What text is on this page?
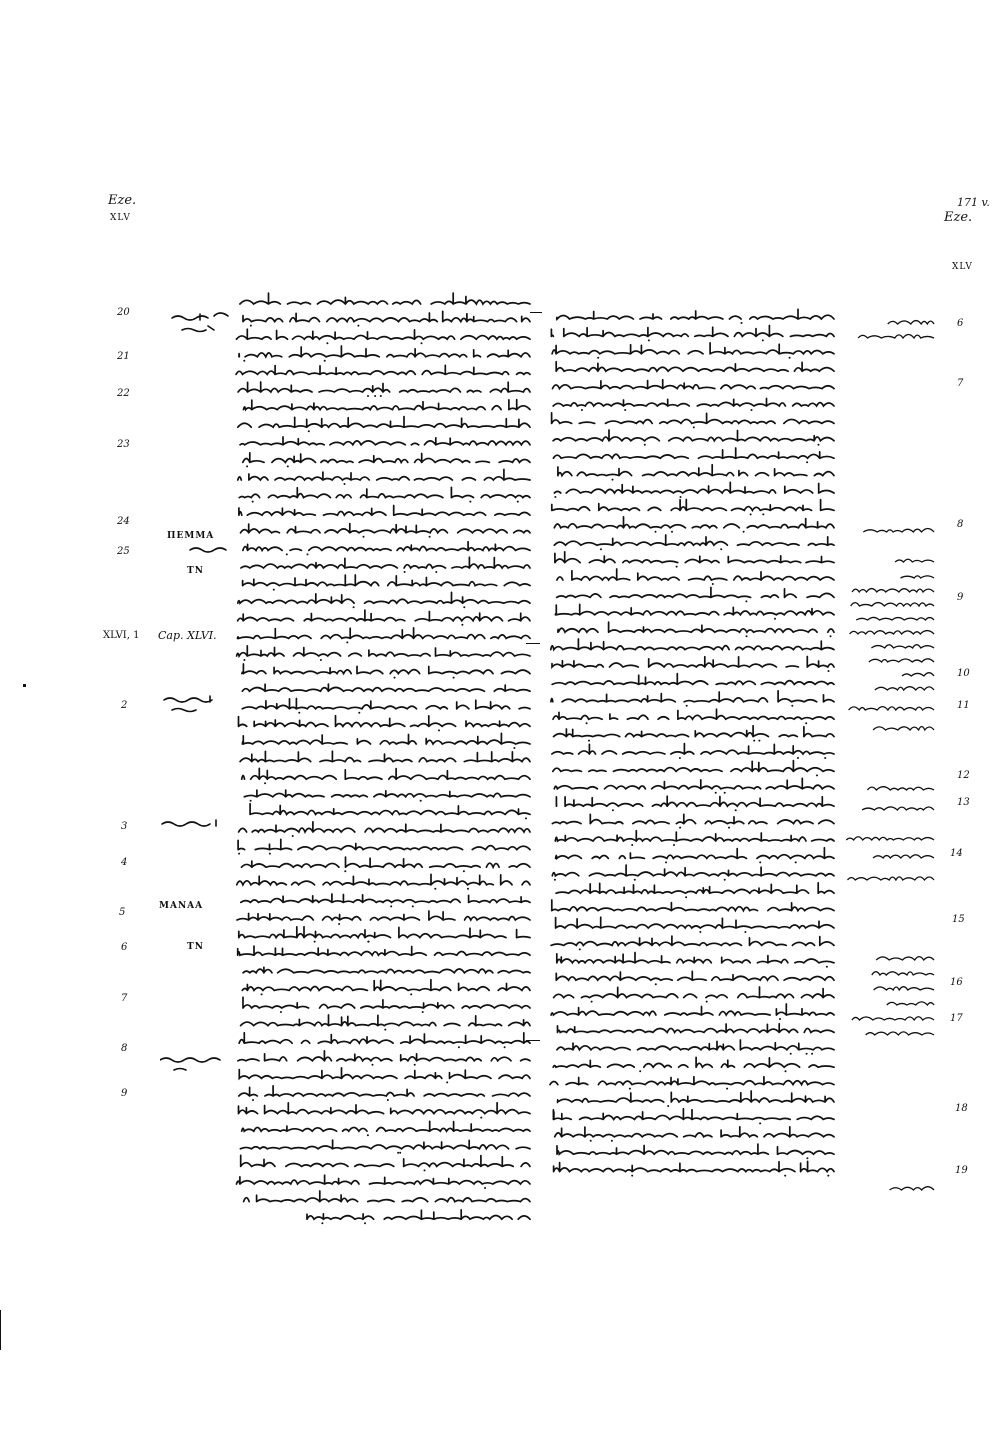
Eze.
XLV
171 v.
Eze.
XLV
20
21
22
23
24
25
XLVI, 1
2
3
4
5
6
7
8
9
ΠΕΜΜΑ
ΤΝ
ΜΑΝΑΑ
ΤΝ
Cap. XLVI.
6
7
8
9
10
11
12
13
14
15
16
17
18
19
